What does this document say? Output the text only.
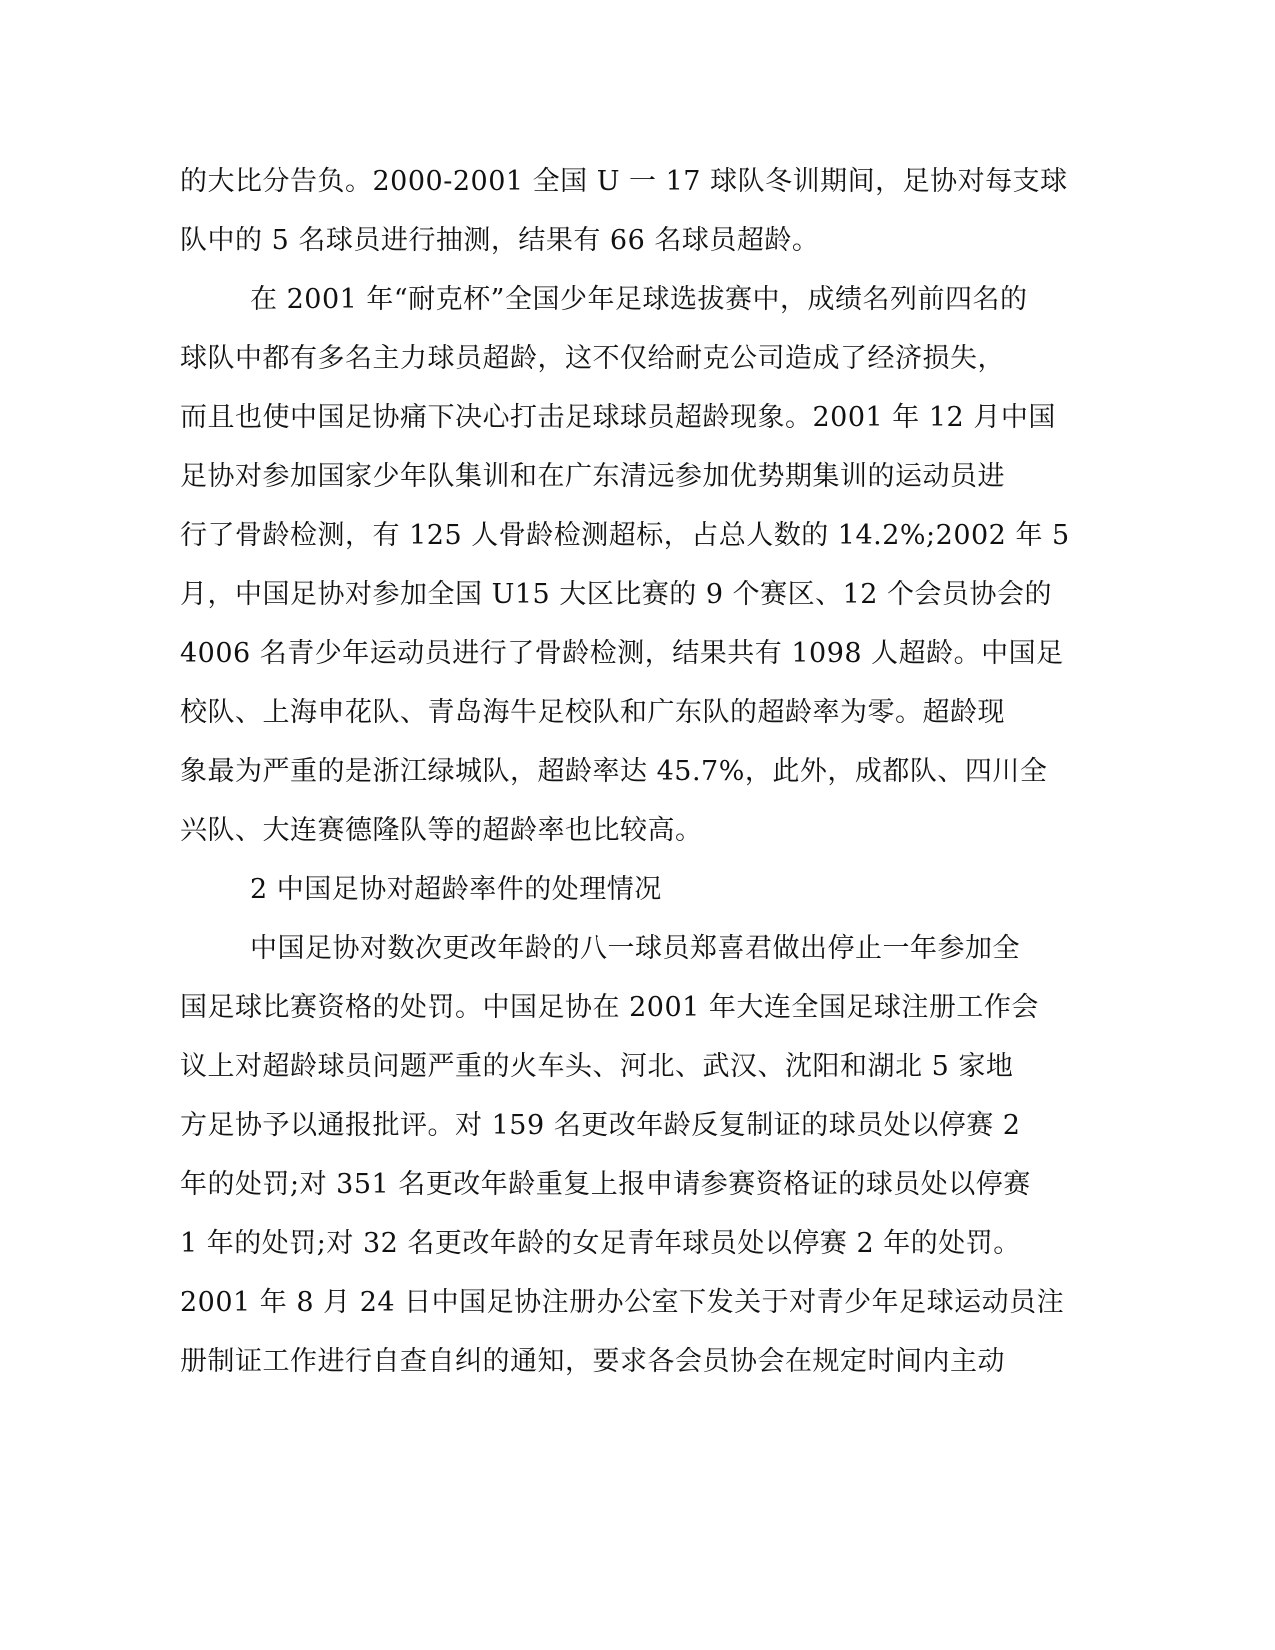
的大比分告负。2000-2001 全国 U 一 17 球队冬训期间，足协对每支球
队中的 5 名球员进行抽测，结果有 66 名球员超龄。
在 2001 年“耐克杯”全国少年足球选拔赛中，成绩名列前四名的
球队中都有多名主力球员超龄，这不仅给耐克公司造成了经济损失，
而且也使中国足协痛下决心打击足球球员超龄现象。2001 年 12 月中国
足协对参加国家少年队集训和在广东清远参加优势期集训的运动员进
行了骨龄检测，有 125 人骨龄检测超标，占总人数的 14.2%;2002 年 5
月，中国足协对参加全国 U15 大区比赛的 9 个赛区、12 个会员协会的
4006 名青少年运动员进行了骨龄检测，结果共有 1098 人超龄。中国足
校队、上海申花队、青岛海牛足校队和广东队的超龄率为零。超龄现
象最为严重的是浙江绿城队，超龄率达 45.7%，此外，成都队、四川全
兴队、大连赛德隆队等的超龄率也比较高。
2 中国足协对超龄率件的处理情况
中国足协对数次更改年龄的八一球员郑喜君做出停止一年参加全
国足球比赛资格的处罚。中国足协在 2001 年大连全国足球注册工作会
议上对超龄球员问题严重的火车头、河北、武汉、沈阳和湖北 5 家地
方足协予以通报批评。对 159 名更改年龄反复制证的球员处以停赛 2
年的处罚;对 351 名更改年龄重复上报申请参赛资格证的球员处以停赛
1 年的处罚;对 32 名更改年龄的女足青年球员处以停赛 2 年的处罚。
2001 年 8 月 24 日中国足协注册办公室下发关于对青少年足球运动员注
册制证工作进行自查自纠的通知，要求各会员协会在规定时间内主动
